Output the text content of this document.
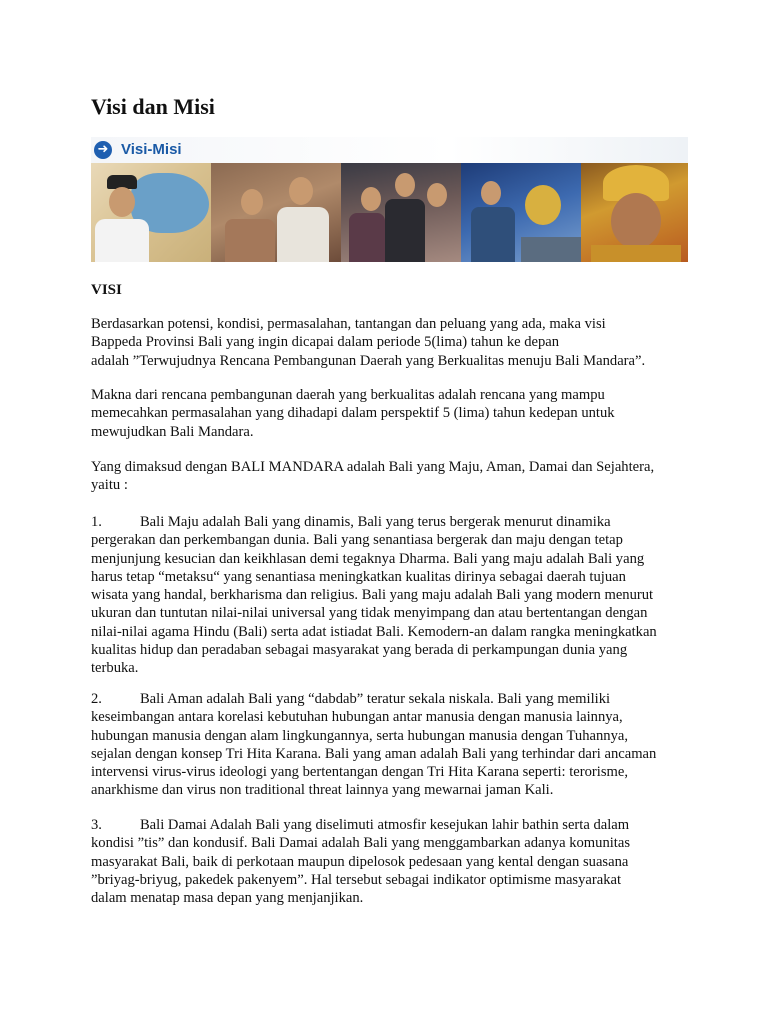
Visi dan Misi
➜ Visi-Misi
VISI

Berdasarkan potensi, kondisi, permasalahan, tantangan dan peluang yang ada, maka visi
Bappeda Provinsi Bali yang ingin dicapai dalam periode 5(lima) tahun ke depan
adalah ”Terwujudnya Rencana Pembangunan Daerah yang Berkualitas menuju Bali Mandara”.

Makna dari rencana pembangunan daerah yang berkualitas adalah rencana yang mampu
memecahkan permasalahan yang dihadapi dalam perspektif 5 (lima) tahun kedepan untuk
mewujudkan Bali Mandara.

Yang dimaksud dengan BALI MANDARA adalah Bali yang Maju, Aman, Damai dan Sejahtera,
yaitu :

1.	Bali Maju adalah Bali yang dinamis, Bali yang terus bergerak menurut dinamika
pergerakan dan perkembangan dunia. Bali yang senantiasa bergerak dan maju dengan tetap
menjunjung kesucian dan keikhlasan demi tegaknya Dharma. Bali yang maju adalah Bali yang
harus tetap “metaksu“ yang senantiasa meningkatkan kualitas dirinya sebagai daerah tujuan
wisata yang handal, berkharisma dan religius. Bali yang maju adalah Bali yang modern menurut
ukuran dan tuntutan nilai-nilai universal yang tidak menyimpang dan atau bertentangan dengan
nilai-nilai agama Hindu (Bali) serta adat istiadat Bali. Kemodern-an dalam rangka meningkatkan
kualitas hidup dan peradaban sebagai masyarakat yang berada di perkampungan dunia yang
terbuka.

2.	Bali Aman adalah Bali yang “dabdab” teratur sekala niskala. Bali yang memiliki
keseimbangan antara korelasi kebutuhan hubungan antar manusia dengan manusia lainnya,
hubungan manusia dengan alam lingkungannya, serta hubungan manusia dengan Tuhannya,
sejalan dengan konsep Tri Hita Karana. Bali yang aman adalah Bali yang terhindar dari ancaman
intervensi virus-virus ideologi yang bertentangan dengan Tri Hita Karana seperti: terorisme,
anarkhisme dan virus non traditional threat lainnya yang mewarnai jaman Kali.

3.	Bali Damai Adalah Bali yang diselimuti atmosfir kesejukan lahir bathin serta dalam
kondisi ”tis” dan kondusif. Bali Damai adalah Bali yang menggambarkan adanya komunitas
masyarakat Bali, baik di perkotaan maupun dipelosok pedesaan yang kental dengan suasana
”briyag-briyug, pakedek pakenyem”. Hal tersebut sebagai indikator optimisme masyarakat
dalam menatap masa depan yang menjanjikan.
